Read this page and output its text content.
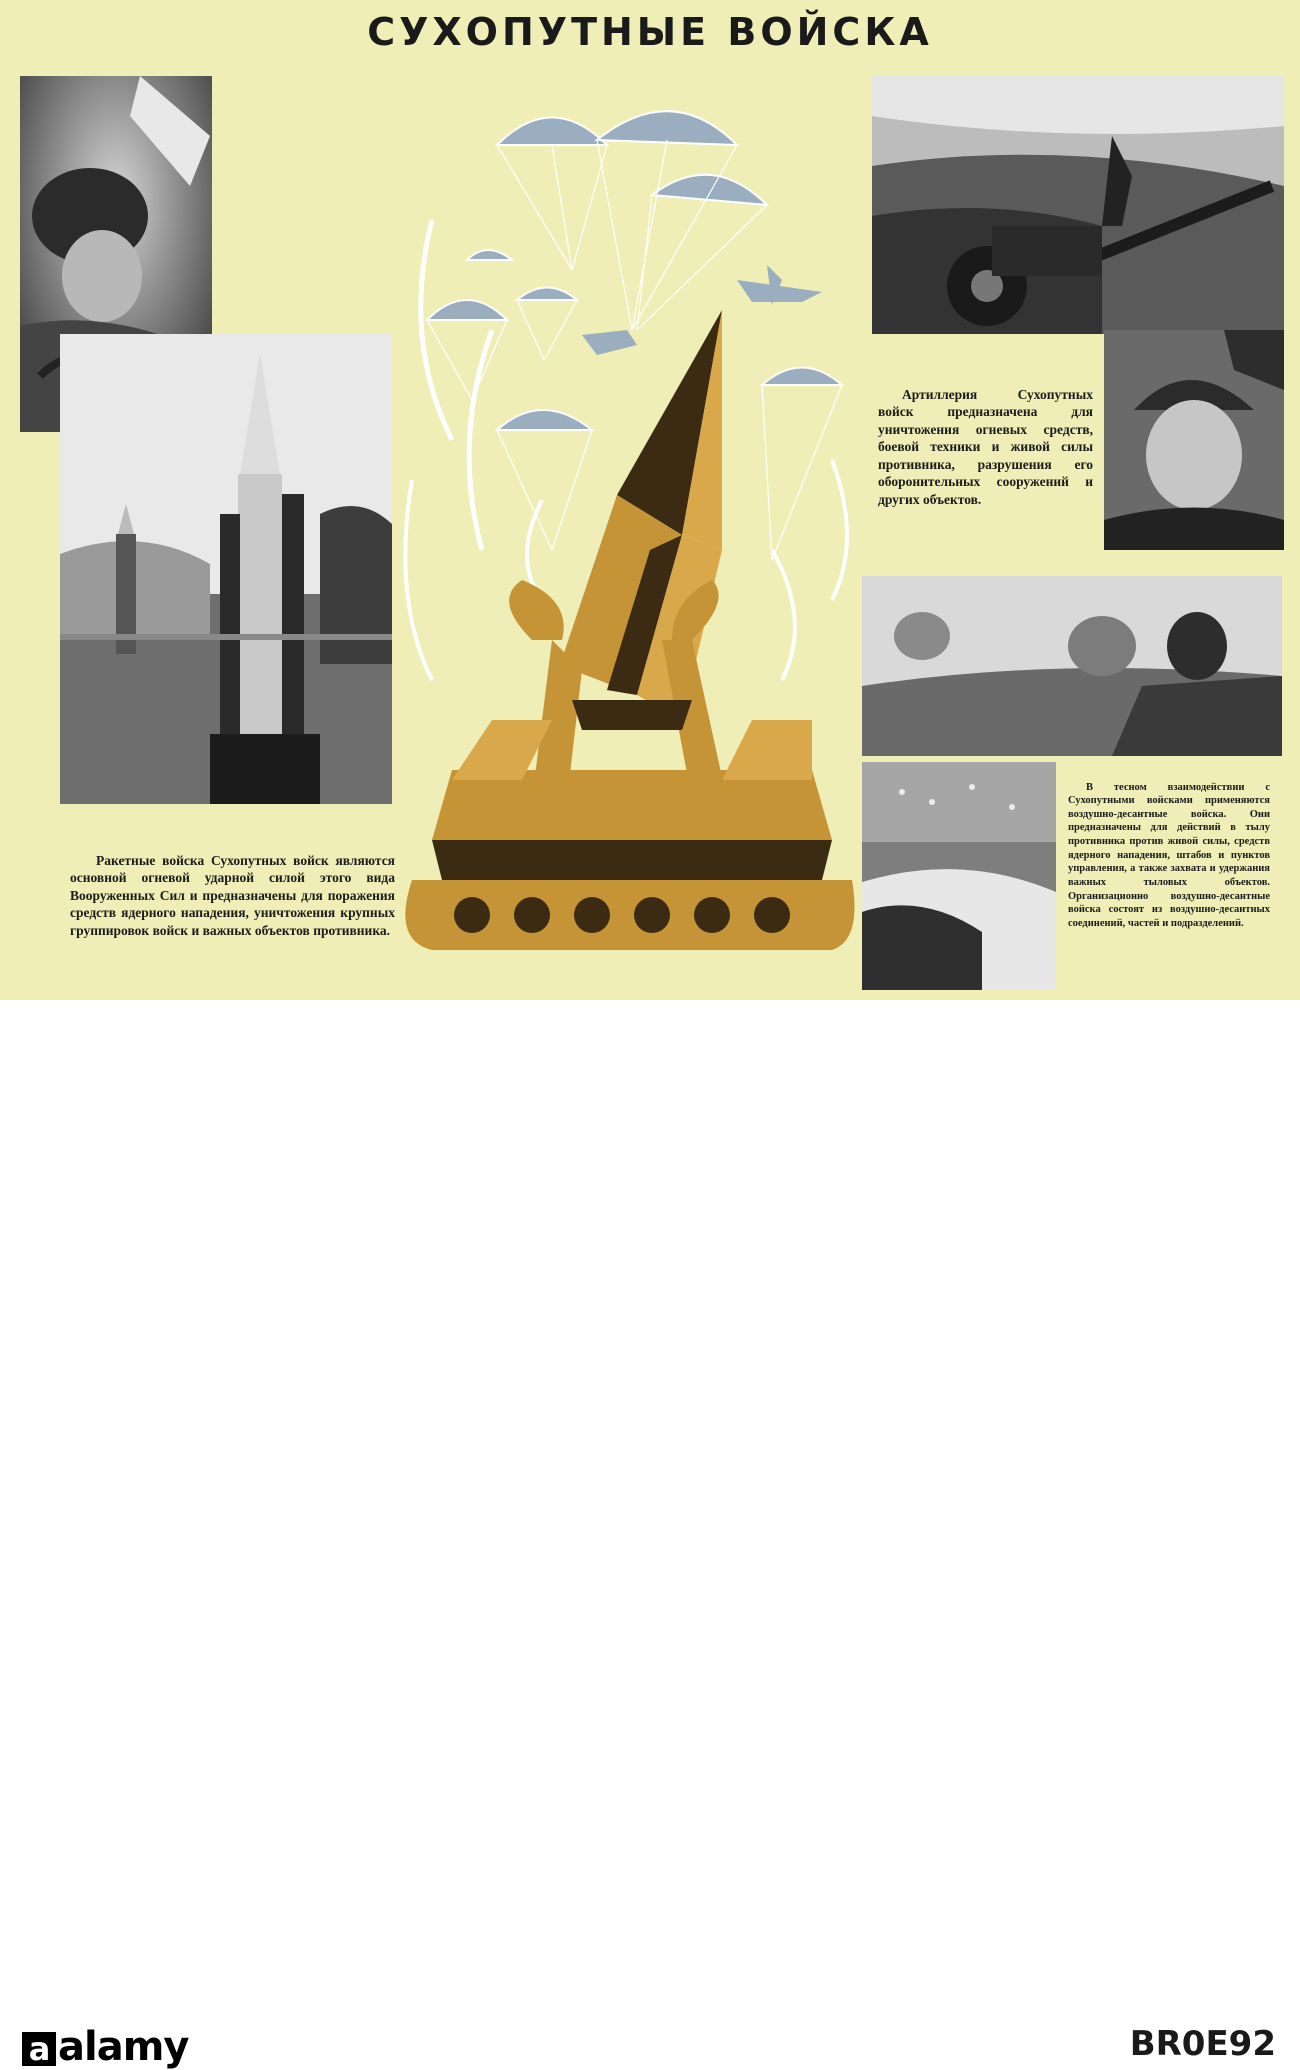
СУХОПУТНЫЕ ВОЙСКА

Ракетные войска Сухопутных войск являются основной огневой ударной силой этого вида Вооруженных Сил и предназначены для поражения средств ядерного нападения, уничтожения крупных группировок войск и важных объектов противника.

Артиллерия Сухопутных войск предназначена для уничтожения огневых средств, боевой техники и живой силы противника, разрушения его оборонительных сооружений и других объектов.

В тесном взаимодействии с Сухопутными войсками применяются воздушно-десантные войска. Они предназначены для действий в тылу противника против живой силы, средств ядерного нападения, штабов и пунктов управления, а также захвата и удержания важных тыловых объектов. Организационно воздушно-десантные войска состоят из воздушно-десантных соединений, частей и подразделений.

a alamy	BR0E92
